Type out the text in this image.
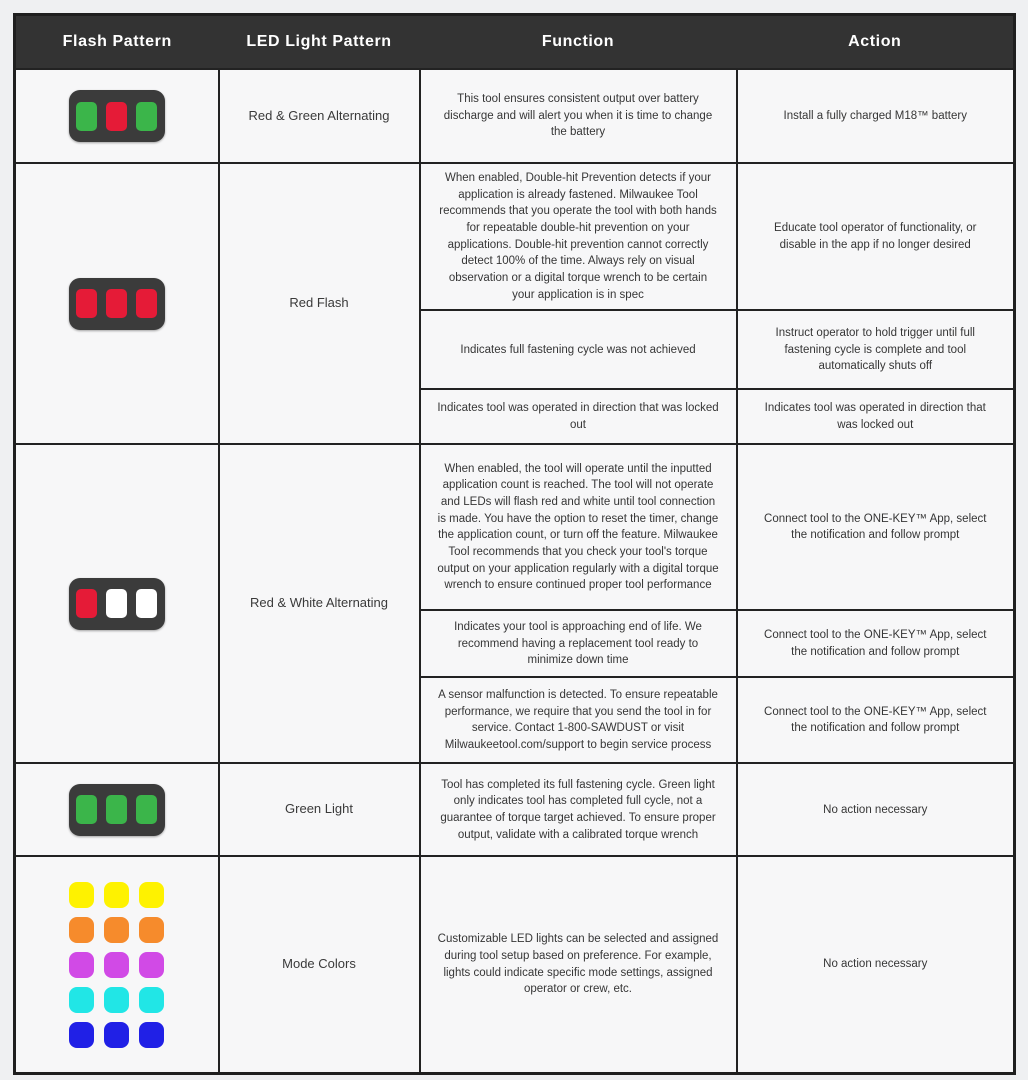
Flash Pattern	LED Light Pattern	Function	Action

	Red & Green Alternating	This tool ensures consistent output over battery discharge and will alert you when it is time to change the battery	Install a fully charged M18™ battery

	Red Flash	When enabled, Double-hit Prevention detects if your application is already fastened. Milwaukee Tool recommends that you operate the tool with both hands for repeatable double-hit prevention on your applications. Double-hit prevention cannot correctly detect 100% of the time. Always rely on visual observation or a digital torque wrench to be certain your application is in spec	Educate tool operator of functionality, or disable in the app if no longer desired
		Indicates full fastening cycle was not achieved	Instruct operator to hold trigger until full fastening cycle is complete and tool automatically shuts off
		Indicates tool was operated in direction that was locked out	Indicates tool was operated in direction that was locked out

	Red & White Alternating	When enabled, the tool will operate until the inputted application count is reached. The tool will not operate and LEDs will flash red and white until tool connection is made. You have the option to reset the timer, change the application count, or turn off the feature. Milwaukee Tool recommends that you check your tool's torque output on your application regularly with a digital torque wrench to ensure continued proper tool performance	Connect tool to the ONE-KEY™ App, select the notification and follow prompt
		Indicates your tool is approaching end of life. We recommend having a replacement tool ready to minimize down time	Connect tool to the ONE-KEY™ App, select the notification and follow prompt
		A sensor malfunction is detected. To ensure repeatable performance, we require that you send the tool in for service. Contact 1-800-SAWDUST or visit Milwaukeetool.com/support to begin service process	Connect tool to the ONE-KEY™ App, select the notification and follow prompt

	Green Light	Tool has completed its full fastening cycle. Green light only indicates tool has completed full cycle, not a guarantee of torque target achieved. To ensure proper output, validate with a calibrated torque wrench	No action necessary

	Mode Colors	Customizable LED lights can be selected and assigned during tool setup based on preference. For example, lights could indicate specific mode settings, assigned operator or crew, etc.	No action necessary
